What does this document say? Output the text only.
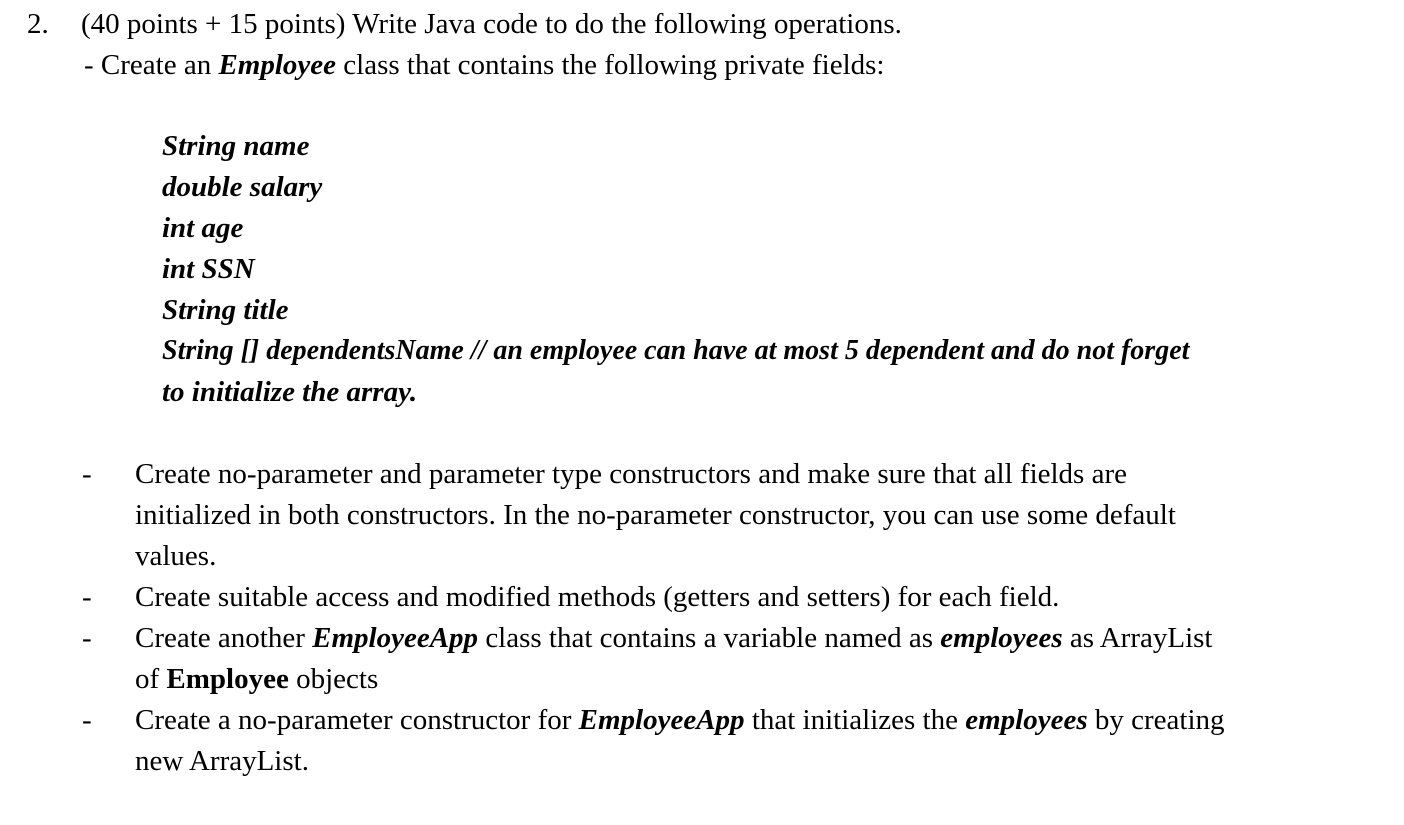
2. (40 points + 15 points) Write Java code to do the following operations.
- Create an Employee class that contains the following private fields:
String name
double salary
int age
int SSN
String title
String [] dependentsName // an employee can have at most 5 dependent and do not forget
to initialize the array.
- Create no-parameter and parameter type constructors and make sure that all fields are
initialized in both constructors. In the no-parameter constructor, you can use some default
values.
- Create suitable access and modified methods (getters and setters) for each field.
- Create another EmployeeApp class that contains a variable named as employees as ArrayList
of Employee objects
- Create a no-parameter constructor for EmployeeApp that initializes the employees by creating
new ArrayList.
